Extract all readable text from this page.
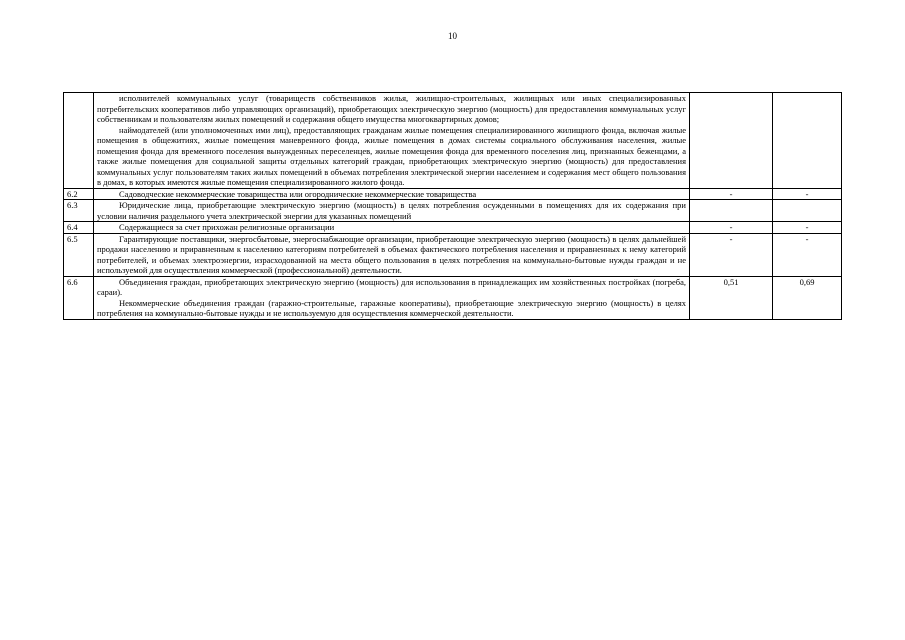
10

	исполнителей коммунальных услуг (товариществ собственников жилья, жилищно-строительных, жилищных или иных специализированных потребительских кооперативов либо управляющих организаций), приобретающих электрическую энергию (мощность) для предоставления коммунальных услуг собственникам и пользователям жилых помещений и содержания общего имущества многоквартирных домов;

наймодателей (или уполномоченных ими лиц), предоставляющих гражданам жилые помещения специализированного жилищного фонда, включая жилые помещения в общежитиях, жилые помещения маневренного фонда, жилые помещения в домах системы социального обслуживания населения, жилые помещения фонда для временного поселения вынужденных переселенцев, жилые помещения фонда для временного поселения лиц, признанных беженцами, а также жилые помещения для социальной защиты отдельных категорий граждан, приобретающих электрическую энергию (мощность) для предоставления коммунальных услуг пользователям таких жилых помещений в объемах потребления электрической энергии населением и содержания мест общего пользования в домах, в которых имеются жилые помещения специализированного жилого фонда.		

6.2	Садоводческие некоммерческие товарищества или огороднические некоммерческие товарищества	-	-
6.3	Юридические лица, приобретающие электрическую энергию (мощность) в целях потребления осужденными в помещениях для их содержания при условии наличия раздельного учета электрической энергии для указанных помещений		

6.4	Содержащиеся за счет прихожан религиозные организации	-	-
6.5	Гарантирующие поставщики, энергосбытовые, энергоснабжающие организации, приобретающие электрическую энергию (мощность) в целях дальнейшей продажи населению и приравненным к населению категориям потребителей в объемах фактического потребления населения и приравненных к нему категорий потребителей, и объемах электроэнергии, израсходованной на места общего пользования в целях потребления на коммунально-бытовые нужды граждан и не используемой для осуществления коммерческой (профессиональной) деятельности.	-	-
6.6	Объединения граждан, приобретающих электрическую энергию (мощность) для использования в принадлежащих им хозяйственных постройках (погреба, сараи).

Некоммерческие объединения граждан (гаражно-строительные, гаражные кооперативы), приобретающие электрическую энергию (мощность) в целях потребления на коммунально-бытовые нужды и не используемую для осуществления коммерческой деятельности.	0,51	0,69
